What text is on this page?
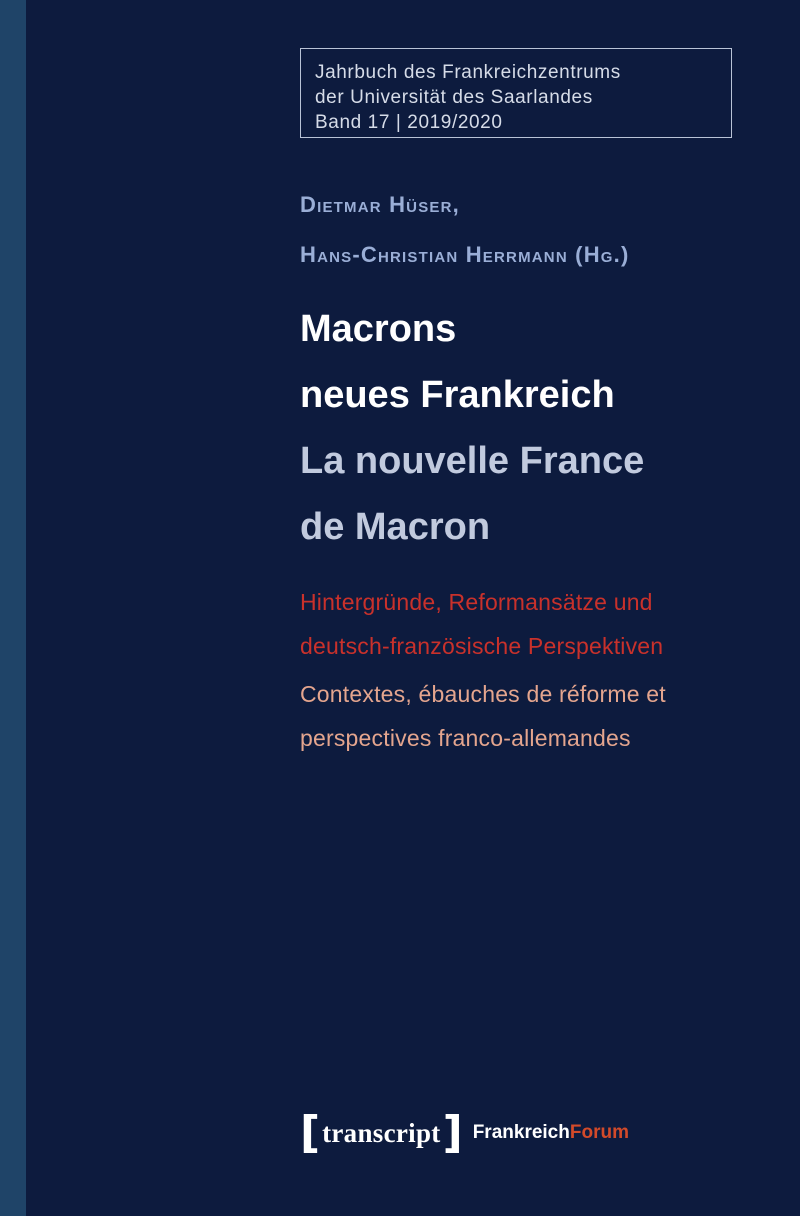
Jahrbuch des Frankreichzentrums
der Universität des Saarlandes
Band 17 | 2019/2020
Dietmar Hüser,
Hans-Christian Herrmann (Hg.)
Macrons
neues Frankreich
La nouvelle France
de Macron
Hintergründe, Reformansätze und
deutsch-französische Perspektiven
Contextes, ébauches de réforme et
perspectives franco-allemandes
[ transcript ] FrankreichForum
